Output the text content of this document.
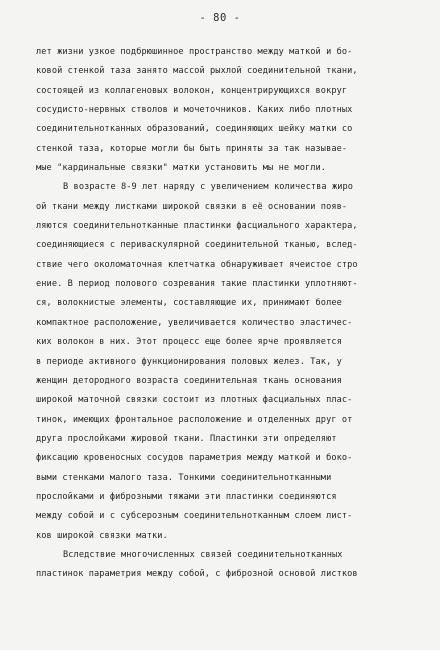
- 80 -
лет жизни узкое подбрюшинное пространство между маткой и бо-
ковой стенкой таза занято массой рыхлой соединительной ткани,
состоящей из коллагеновых волокон, концентрирующихся вокруг
сосудисто-нервных стволов и мочеточников. Каких либо плотных
соединительнотканных образований, соединяющих шейку матки со
стенкой таза, которые могли бы быть приняты за так называе-
мые "кардинальные связки" матки установить мы не могли.
В возрасте 8-9 лет наряду с увеличением количества жиро
ой ткани между листками широкой связки в её основании появ-
ляются соединительнотканные пластинки фасциального характера,
соединяющиеся с периваскулярной соединительной тканью, вслед-
ствие чего околоматочная клетчатка обнаруживает ячеистое стро
ение. В период полового созревания такие пластинки уплотняют-
ся, волокнистые элементы, составляющие их, принимают более
компактное расположение, увеличивается количество эластичес-
ких волокон в них. Этот процесс еще более ярче проявляется
в периоде активного функционирования половых желез. Так, у
женщин детородного возраста соединительная ткань основания
широкой маточной связки состоит из плотных фасциальных плас-
тинок, имеющих фронтальное расположение и отделенных друг от
друга прослойками жировой ткани. Пластинки эти определяют
фиксацию кровеносных сосудов параметрия между маткой и боко-
выми стенками малого таза. Тонкими соединительнотканными
прослойками и фиброзными тяжами эти пластинки соединяются
между собой и с субсерозным соединительнотканным слоем лист-
ков широкой связки матки.
Вследствие многочисленных связей соединительнотканных
пластинок параметрия между собой, с фиброзной основой листков
